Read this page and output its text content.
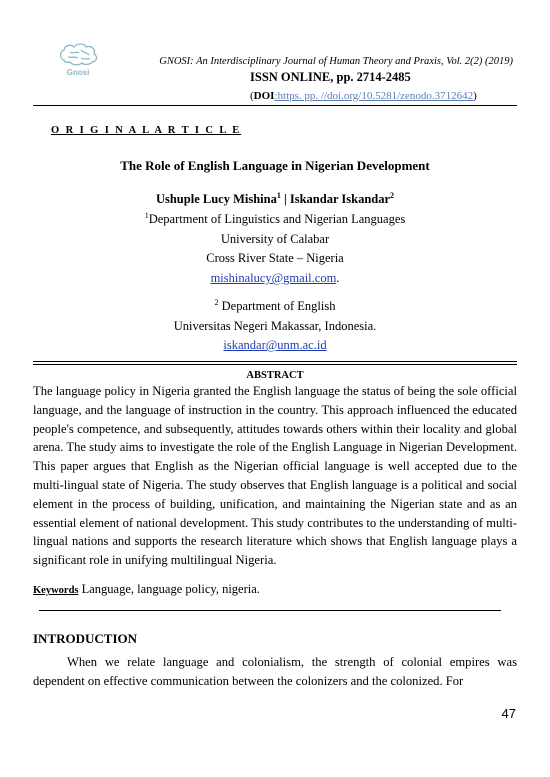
Gnosi
GNOSI: An Interdisciplinary Journal of Human Theory and Praxis, Vol. 2(2) (2019)
ISSN ONLINE, pp. 2714-2485
(DOI:https. pp. //doi.org/10.5281/zenodo.3712642)
O R I G I N A L A R T I C L E
The Role of English Language in Nigerian Development
Ushuple Lucy Mishina$^1$ | Iskandar Iskandar$^2$
$^1$Department of Linguistics and Nigerian Languages
University of Calabar
Cross River State – Nigeria
mishinalucy@gmail.com.
$^2$ Department of English
Universitas Negeri Makassar, Indonesia.
iskandar@unm.ac.id
ABSTRACT

The language policy in Nigeria granted the English language the status of being the sole official language, and the language of instruction in the country. This approach influenced the educated people's competence, and subsequently, attitudes towards others within their locality and global arena. The study aims to investigate the role of the English Language in Nigerian Development. This paper argues that English as the Nigerian official language is well accepted due to the multi-lingual state of Nigeria. The study observes that English language is a political and social element in the process of building, unification, and maintaining the Nigerian state and as an essential element of national development. This study contributes to the understanding of multi-lingual nations and supports the research literature which shows that English language plays a significant role in unifying multilingual Nigeria.

Keywords Language, language policy, nigeria.
INTRODUCTION

When we relate language and colonialism, the strength of colonial empires was dependent on effective communication between the colonizers and the colonized. For

47
